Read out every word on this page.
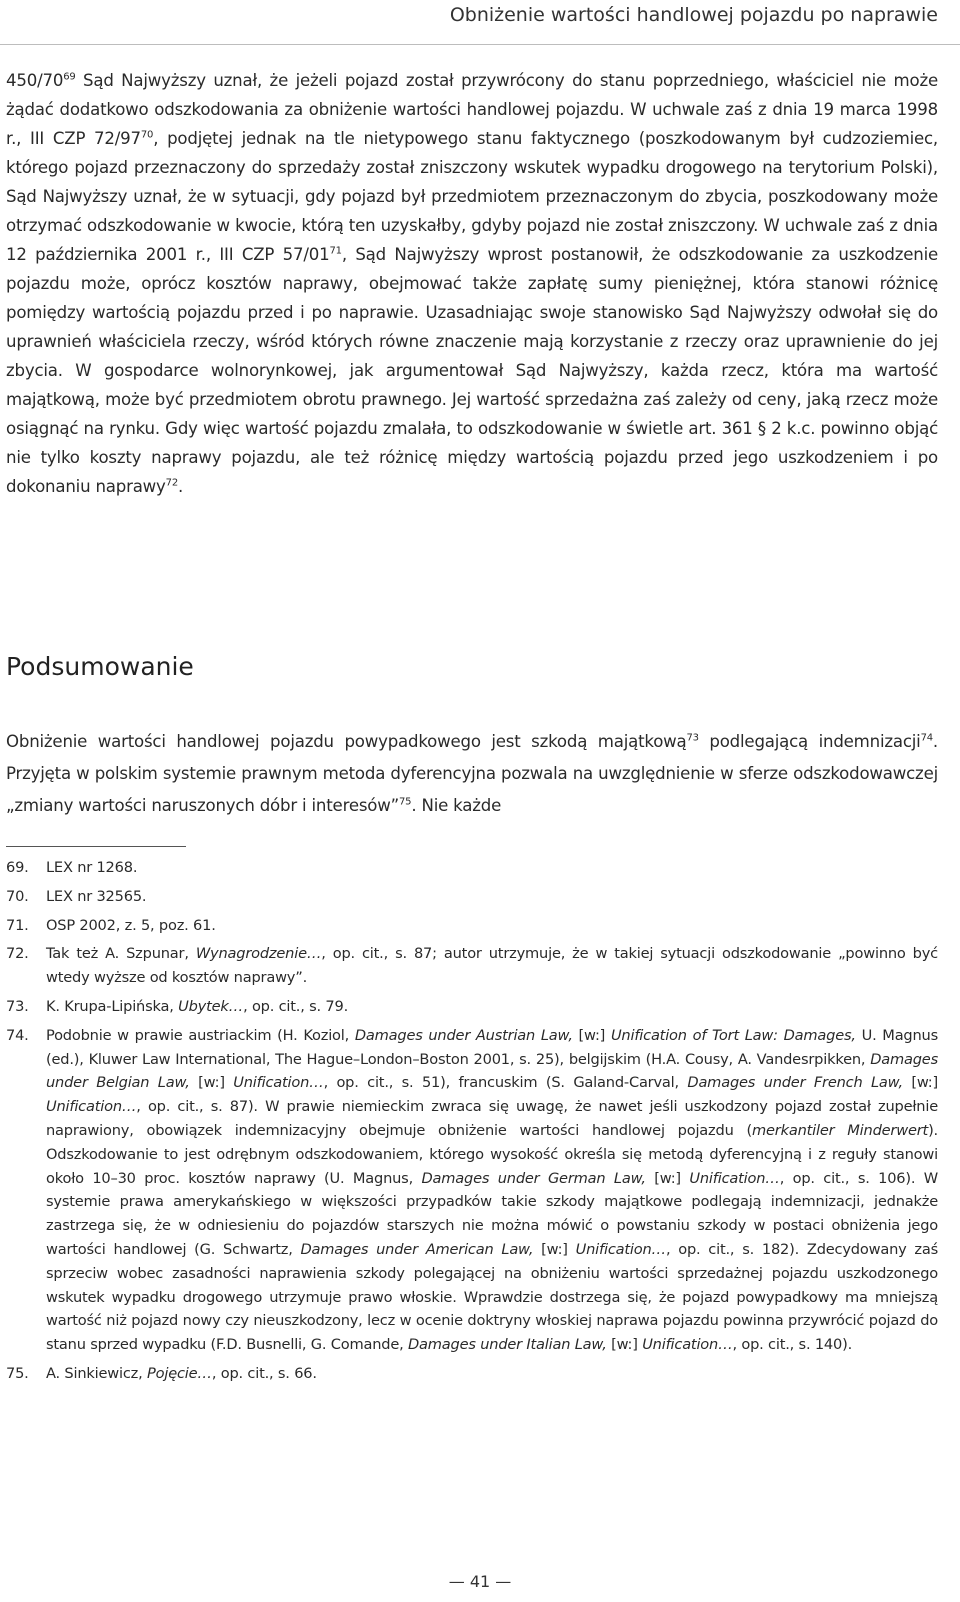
Obniżenie wartości handlowej pojazdu po naprawie

$450/70^{69}$ Sąd Najwyższy uznał, że jeżeli pojazd został przywrócony do stanu poprzedniego, właściciel nie może żądać dodatkowo odszkodowania za obniżenie wartości handlowej pojazdu. W uchwale zaś z dnia 19 marca 1998 r., III CZP $72/97^{70}$, podjętej jednak na tle nietypowego stanu faktycznego (poszkodowanym był cudzoziemiec, którego pojazd przeznaczony do sprzedaży został zniszczony wskutek wypadku drogowego na terytorium Polski), Sąd Najwyższy uznał, że w sytuacji, gdy pojazd był przedmiotem przeznaczonym do zbycia, poszkodowany może otrzymać odszkodowanie w kwocie, którą ten uzyskałby, gdyby pojazd nie został zniszczony. W uchwale zaś z dnia 12 października 2001 r., III CZP $57/01^{71}$, Sąd Najwyższy wprost postanowił, że odszkodowanie za uszkodzenie pojazdu może, oprócz kosztów naprawy, obejmować także zapłatę sumy pieniężnej, która stanowi różnicę pomiędzy wartością pojazdu przed i po naprawie. Uzasadniając swoje stanowisko Sąd Najwyższy odwołał się do uprawnień właściciela rzeczy, wśród których równe znaczenie mają korzystanie z rzeczy oraz uprawnienie do jej zbycia. W gospodarce wolnorynkowej, jak argumentował Sąd Najwyższy, każda rzecz, która ma wartość majątkową, może być przedmiotem obrotu prawnego. Jej wartość sprzedażna zaś zależy od ceny, jaką rzecz może osiągnąć na rynku. Gdy więc wartość pojazdu zmalała, to odszkodowanie w świetle art. 361 § 2 k.c. powinno objąć nie tylko koszty naprawy pojazdu, ale też różnicę między wartością pojazdu przed jego uszkodzeniem i po dokonaniu naprawy$^{72}$.

Podsumowanie

Obniżenie wartości handlowej pojazdu powypadkowego jest szkodą majątkową$^{73}$ podlegającą indemnizacji$^{74}$. Przyjęta w polskim systemie prawnym metoda dyferencyjna pozwala na uwzględnienie w sferze odszkodowawczej „zmiany wartości naruszonych dóbr i interesów”$^{75}$. Nie każde

69.	LEX nr 1268.
70.	LEX nr 32565.
71.	OSP 2002, z. 5, poz. 61.
72.	Tak też A. Szpunar, Wynagrodzenie…, op. cit., s. 87; autor utrzymuje, że w takiej sytuacji odszkodowanie „powinno być wtedy wyższe od kosztów naprawy”.
73.	K. Krupa-Lipińska, Ubytek…, op. cit., s. 79.
74.	Podobnie w prawie austriackim (H. Koziol, Damages under Austrian Law, [w:] Unification of Tort Law: Damages, U. Magnus (ed.), Kluwer Law International, The Hague–London–Boston 2001, s. 25), belgijskim (H.A. Cousy, A. Vandesrpikken, Damages under Belgian Law, [w:] Unification…, op. cit., s. 51), francuskim (S. Galand-Carval, Damages under French Law, [w:] Unification…, op. cit., s. 87). W prawie niemieckim zwraca się uwagę, że nawet jeśli uszkodzony pojazd został zupełnie naprawiony, obowiązek indemnizacyjny obejmuje obniżenie wartości handlowej pojazdu (merkantiler Minderwert). Odszkodowanie to jest odrębnym odszkodowaniem, którego wysokość określa się metodą dyferencyjną i z reguły stanowi około 10–30 proc. kosztów naprawy (U. Magnus, Damages under German Law, [w:] Unification…, op. cit., s. 106). W systemie prawa amerykańskiego w większości przypadków takie szkody majątkowe podlegają indemnizacji, jednakże zastrzega się, że w odniesieniu do pojazdów starszych nie można mówić o powstaniu szkody w postaci obniżenia jego wartości handlowej (G. Schwartz, Damages under American Law, [w:] Unification…, op. cit., s. 182). Zdecydowany zaś sprzeciw wobec zasadności naprawienia szkody polegającej na obniżeniu wartości sprzedażnej pojazdu uszkodzonego wskutek wypadku drogowego utrzymuje prawo włoskie. Wprawdzie dostrzega się, że pojazd powypadkowy ma mniejszą wartość niż pojazd nowy czy nieuszkodzony, lecz w ocenie doktryny włoskiej naprawa pojazdu powinna przywrócić pojazd do stanu sprzed wypadku (F.D. Busnelli, G. Comande, Damages under Italian Law, [w:] Unification…, op. cit., s. 140).
75.	A. Sinkiewicz, Pojęcie…, op. cit., s. 66.
— 41 —
